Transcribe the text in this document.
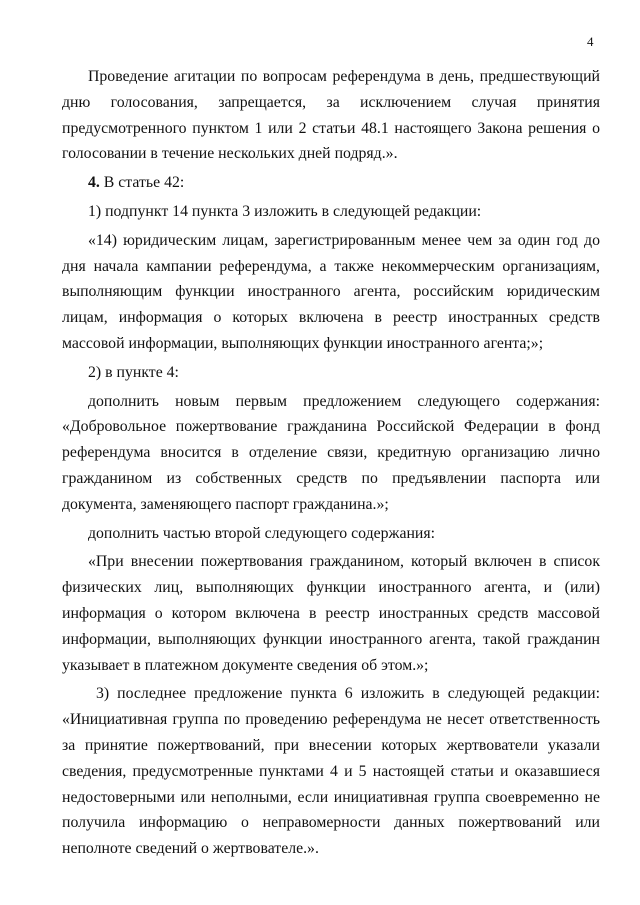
4

Проведение агитации по вопросам референдума в день, предшествующий дню голосования, запрещается, за исключением случая принятия предусмотренного пунктом 1 или 2 статьи 48.1 настоящего Закона решения о голосовании в течение нескольких дней подряд.».

4. В статье 42:

1) подпункт 14 пункта 3 изложить в следующей редакции:

«14) юридическим лицам, зарегистрированным менее чем за один год до дня начала кампании референдума, а также некоммерческим организациям, выполняющим функции иностранного агента, российским юридическим лицам, информация о которых включена в реестр иностранных средств массовой информации, выполняющих функции иностранного агента;»;

2) в пункте 4:

дополнить новым первым предложением следующего содержания: «Добровольное пожертвование гражданина Российской Федерации в фонд референдума вносится в отделение связи, кредитную организацию лично гражданином из собственных средств по предъявлении паспорта или документа, заменяющего паспорт гражданина.»;

дополнить частью второй следующего содержания:

«При внесении пожертвования гражданином, который включен в список физических лиц, выполняющих функции иностранного агента, и (или) информация о котором включена в реестр иностранных средств массовой информации, выполняющих функции иностранного агента, такой гражданин указывает в платежном документе сведения об этом.»;

3) последнее предложение пункта 6 изложить в следующей редакции: «Инициативная группа по проведению референдума не несет ответственность за принятие пожертвований, при внесении которых жертвователи указали сведения, предусмотренные пунктами 4 и 5 настоящей статьи и оказавшиеся недостоверными или неполными, если инициативная группа своевременно не получила информацию о неправомерности данных пожертвований или неполноте сведений о жертвователе.».
